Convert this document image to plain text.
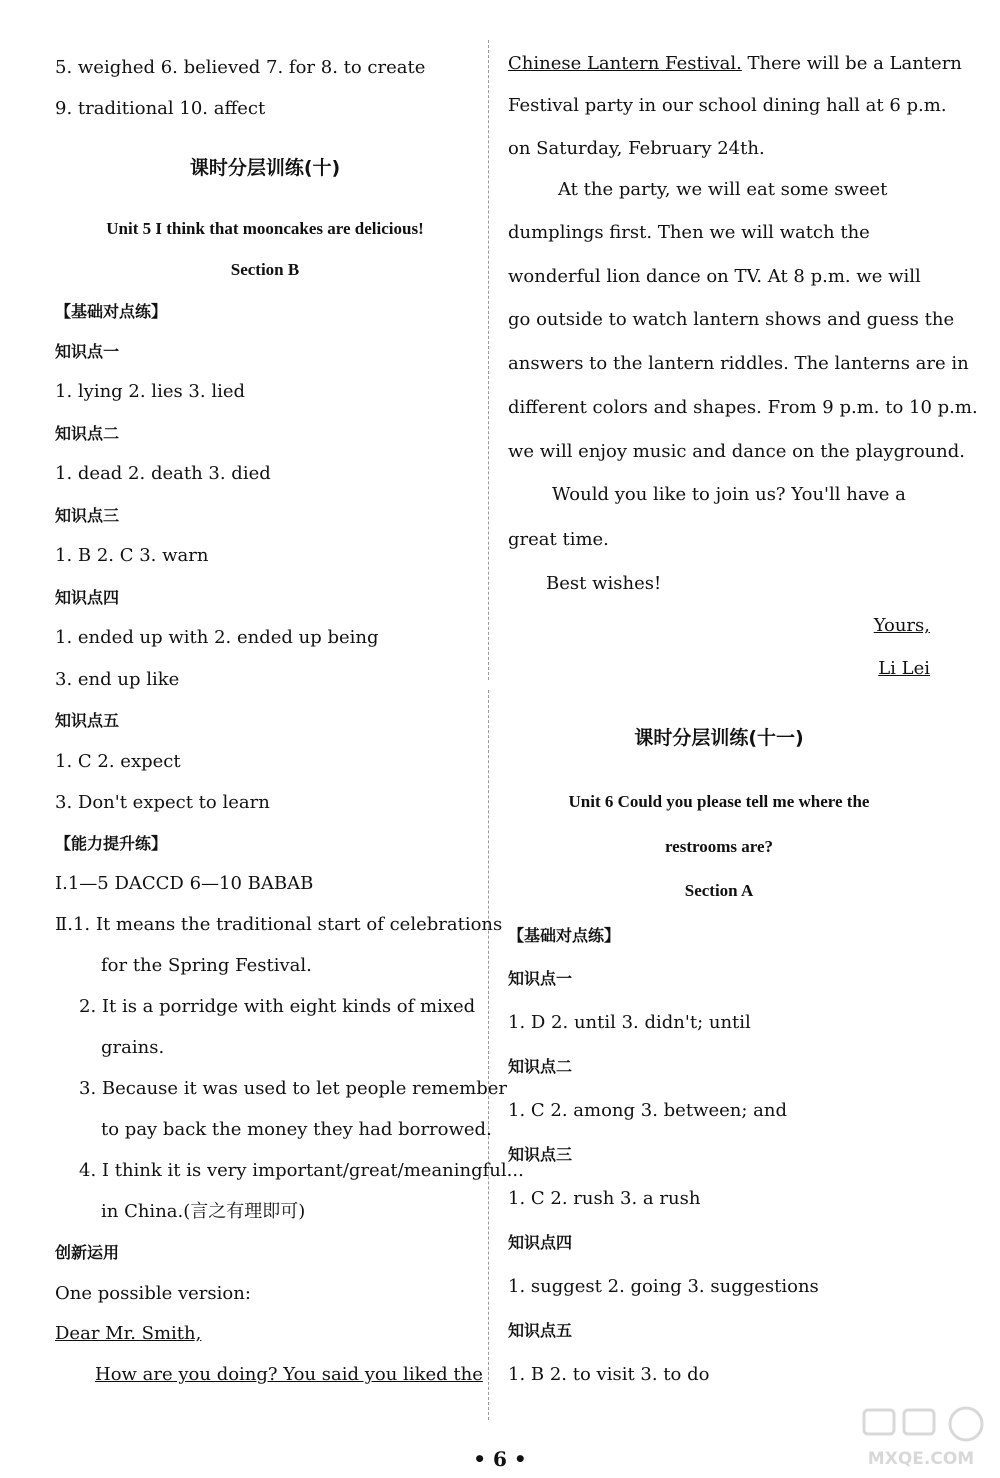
5. weighed 6. believed 7. for 8. to create
9. traditional 10. affect
课时分层训练(十)
Unit 5 I think that mooncakes are delicious!
Section B
【基础对点练】
知识点一
1. lying 2. lies 3. lied
知识点二
1. dead 2. death 3. died
知识点三
1. B 2. C 3. warn
知识点四
1. ended up with 2. ended up being
3. end up like
知识点五
1. C 2. expect
3. Don't expect to learn
【能力提升练】
Ⅰ.1—5 DACCD 6—10 BABAB
Ⅱ.1. It means the traditional start of celebrations
for the Spring Festival.
2. It is a porridge with eight kinds of mixed
grains.
3. Because it was used to let people remember
to pay back the money they had borrowed.
4. I think it is very important/great/meaningful...
in China.(言之有理即可)
创新运用
One possible version:
Dear Mr. Smith,
How are you doing? You said you liked the
Chinese Lantern Festival. There will be a Lantern
Festival party in our school dining hall at 6 p.m.
on Saturday, February 24th.
At the party, we will eat some sweet
dumplings first. Then we will watch the
wonderful lion dance on TV. At 8 p.m. we will
go outside to watch lantern shows and guess the
answers to the lantern riddles. The lanterns are in
different colors and shapes. From 9 p.m. to 10 p.m.
we will enjoy music and dance on the playground.
Would you like to join us? You'll have a
great time.
Best wishes!
Yours,
Li Lei
课时分层训练(十一)
Unit 6 Could you please tell me where the
restrooms are?
Section A
【基础对点练】
知识点一
1. D 2. until 3. didn't; until
知识点二
1. C 2. among 3. between; and
知识点三
1. C 2. rush 3. a rush
知识点四
1. suggest 2. going 3. suggestions
知识点五
1. B 2. to visit 3. to do
• 6 •	MXQE.COM
